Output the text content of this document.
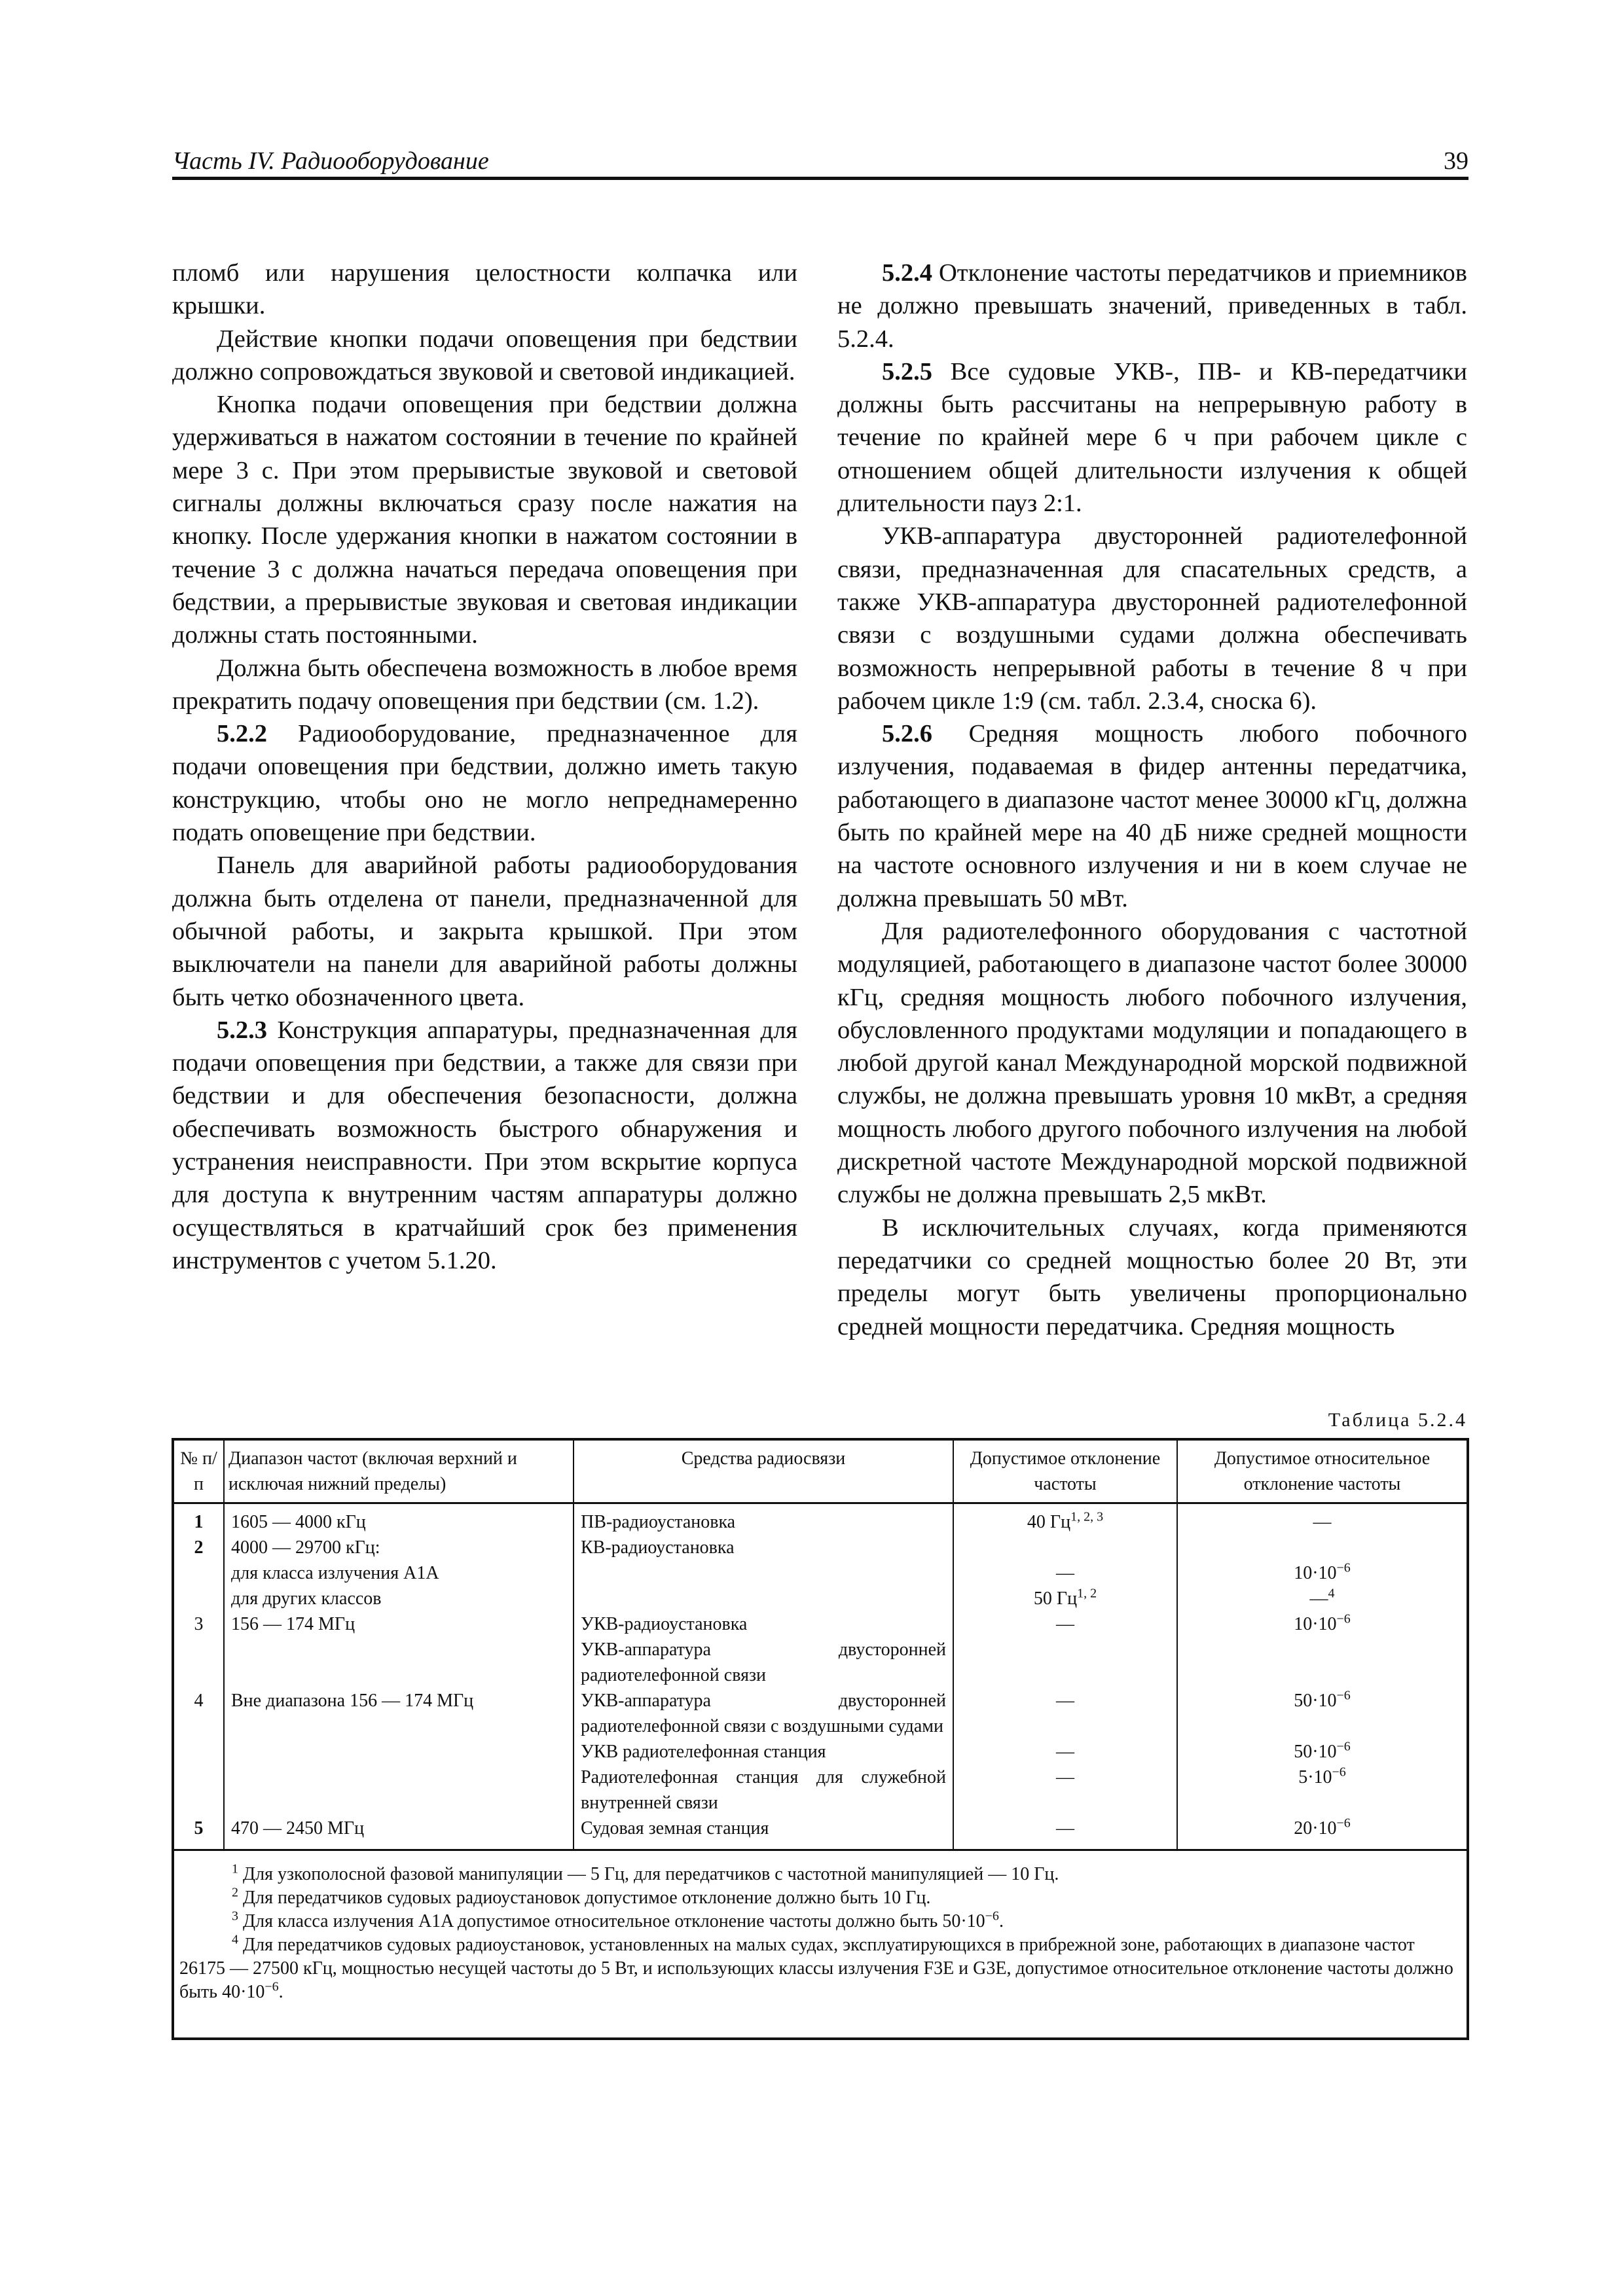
Часть IV. Радиооборудование	39

пломб или нарушения целостности колпачка или крышки.

Действие кнопки подачи оповещения при бедствии должно сопровождаться звуковой и световой индикацией.

Кнопка подачи оповещения при бедствии должна удерживаться в нажатом состоянии в течение по крайней мере 3 с. При этом прерывистые звуковой и световой сигналы должны включаться сразу после нажатия на кнопку. После удержания кнопки в нажатом состоянии в течение 3 с должна начаться передача оповещения при бедствии, а прерывистые звуковая и световая индикации должны стать постоянными.

Должна быть обеспечена возможность в любое время прекратить подачу оповещения при бедствии (см. 1.2).

5.2.2 Радиооборудование, предназначенное для подачи оповещения при бедствии, должно иметь такую конструкцию, чтобы оно не могло непреднамеренно подать оповещение при бедствии.

Панель для аварийной работы радиооборудования должна быть отделена от панели, предназначенной для обычной работы, и закрыта крышкой. При этом выключатели на панели для аварийной работы должны быть четко обозначенного цвета.

5.2.3 Конструкция аппаратуры, предназначенная для подачи оповещения при бедствии, а также для связи при бедствии и для обеспечения безопасности, должна обеспечивать возможность быстрого обнаружения и устранения неисправности. При этом вскрытие корпуса для доступа к внутренним частям аппаратуры должно осуществляться в кратчайший срок без применения инструментов с учетом 5.1.20.

5.2.4 Отклонение частоты передатчиков и приемников не должно превышать значений, приведенных в табл. 5.2.4.

5.2.5 Все судовые УКВ-, ПВ- и КВ-передатчики должны быть рассчитаны на непрерывную работу в течение по крайней мере 6 ч при рабочем цикле с отношением общей длительности излучения к общей длительности пауз 2:1.

УКВ-аппаратура двусторонней радиотелефонной связи, предназначенная для спасательных средств, а также УКВ-аппаратура двусторонней радиотелефонной связи с воздушными судами должна обеспечивать возможность непрерывной работы в течение 8 ч при рабочем цикле 1:9 (см. табл. 2.3.4, сноска 6).

5.2.6 Средняя мощность любого побочного излучения, подаваемая в фидер антенны передатчика, работающего в диапазоне частот менее 30000 кГц, должна быть по крайней мере на 40 дБ ниже средней мощности на частоте основного излучения и ни в коем случае не должна превышать 50 мВт.

Для радиотелефонного оборудования с частотной модуляцией, работающего в диапазоне частот более 30000 кГц, средняя мощность любого побочного излучения, обусловленного продуктами модуляции и попадающего в любой другой канал Международной морской подвижной службы, не должна превышать уровня 10 мкВт, а средняя мощность любого другого побочного излучения на любой дискретной частоте Международной морской подвижной службы не должна превышать 2,5 мкВт.

В исключительных случаях, когда применяются передатчики со средней мощностью более 20 Вт, эти пределы могут быть увеличены пропорционально средней мощности передатчика. Средняя мощность

Таблица 5.2.4
№ п/п	Диапазон частот (включая верхний и исключая нижний пределы)	Средства радиосвязи	Допустимое отклонение частоты	Допустимое относительное отклонение частоты
1	1605 — 4000 кГц	ПВ-радиоустановка	40 Гц$^{1, 2, 3}$	—
2	4000 — 29700 кГц:	КВ-радиоустановка		
	для класса излучения A1A		—	$10\cdot 10^{-6}$
	для других классов		50 Гц$^{1, 2}$	—$^4$
3	156 — 174 МГц	УКВ-радиоустановка	—	$10\cdot 10^{-6}$
		УКВ-аппаратура двусторонней радиотелефонной связи		
4	Вне диапазона 156 — 174 МГц	УКВ-аппаратура двусторонней радиотелефонной связи с воздушными судами	—	$50\cdot 10^{-6}$
		УКВ радиотелефонная станция	—	$50\cdot 10^{-6}$
		Радиотелефонная станция для служебной внутренней связи	—	$5\cdot 10^{-6}$
5	470 — 2450 МГц	Судовая земная станция	—	$20\cdot 10^{-6}$

$^1$ Для узкополосной фазовой манипуляции — 5 Гц, для передатчиков с частотной манипуляцией — 10 Гц.

$^2$ Для передатчиков судовых радиоустановок допустимое отклонение должно быть 10 Гц.

$^3$ Для класса излучения A1A допустимое относительное отклонение частоты должно быть $50\cdot 10^{-6}$.

$^4$ Для передатчиков судовых радиоустановок, установленных на малых судах, эксплуатирующихся в прибрежной зоне, работающих в диапазоне частот 26175 — 27500 кГц, мощностью несущей частоты до 5 Вт, и использующих классы излучения F3E и G3E, допустимое относительное отклонение частоты должно быть $40\cdot 10^{-6}$.
